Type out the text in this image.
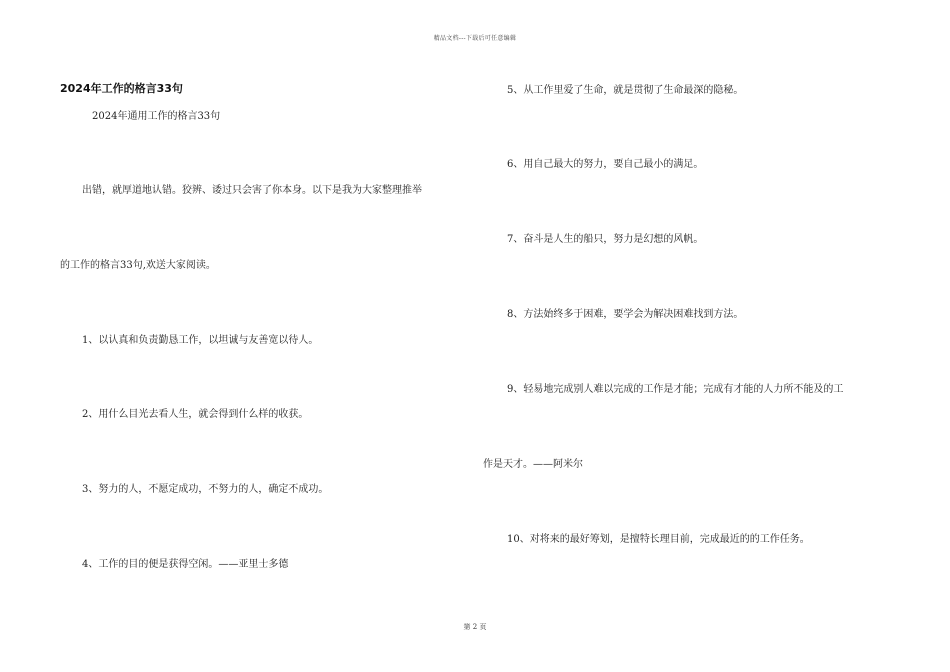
精品文档---下载后可任意编辑
2024年工作的格言33句
2024年通用工作的格言33句
出错，就厚道地认错。狡辨、诿过只会害了你本身。以下是我为大家整理推举
的工作的格言33句,欢送大家阅读。
1、以认真和负责勤恳工作，以坦诚与友善宽以待人。
2、用什么目光去看人生，就会得到什么样的收获。
3、努力的人，不愿定成功，不努力的人，确定不成功。
4、工作的目的便是获得空闲。——亚里士多德
5、从工作里爱了生命，就是贯彻了生命最深的隐秘。
6、用自己最大的努力，要自己最小的满足。
7、奋斗是人生的船只，努力是幻想的风帆。
8、方法始终多于困难，要学会为解决困难找到方法。
9、轻易地完成别人难以完成的工作是才能；完成有才能的人力所不能及的工
作是天才。——阿米尔
10、对将来的最好筹划，是擅特长理目前，完成最近的的工作任务。
第 2 页
